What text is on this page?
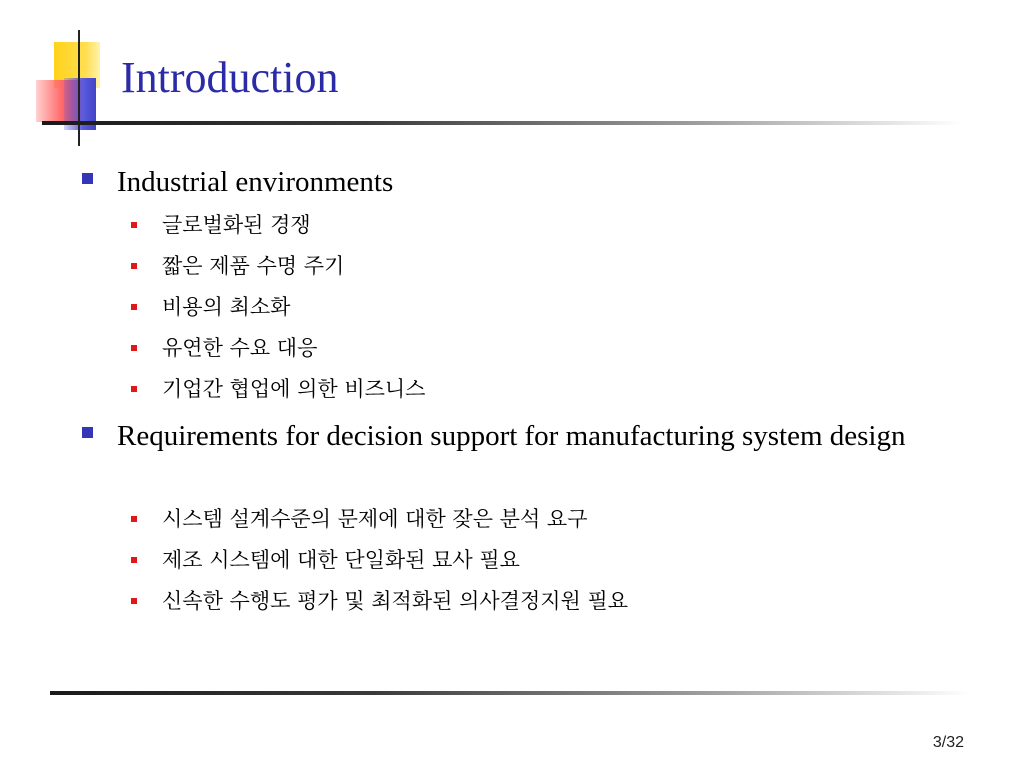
Introduction
Industrial environments
글로벌화된 경쟁
짧은 제품 수명 주기
비용의 최소화
유연한 수요 대응
기업간 협업에 의한 비즈니스
Requirements for decision support for manufacturing system design
시스템 설계수준의 문제에 대한 잦은 분석 요구
제조 시스템에 대한 단일화된 묘사 필요
신속한 수행도 평가 및 최적화된 의사결정지원 필요
3/32
